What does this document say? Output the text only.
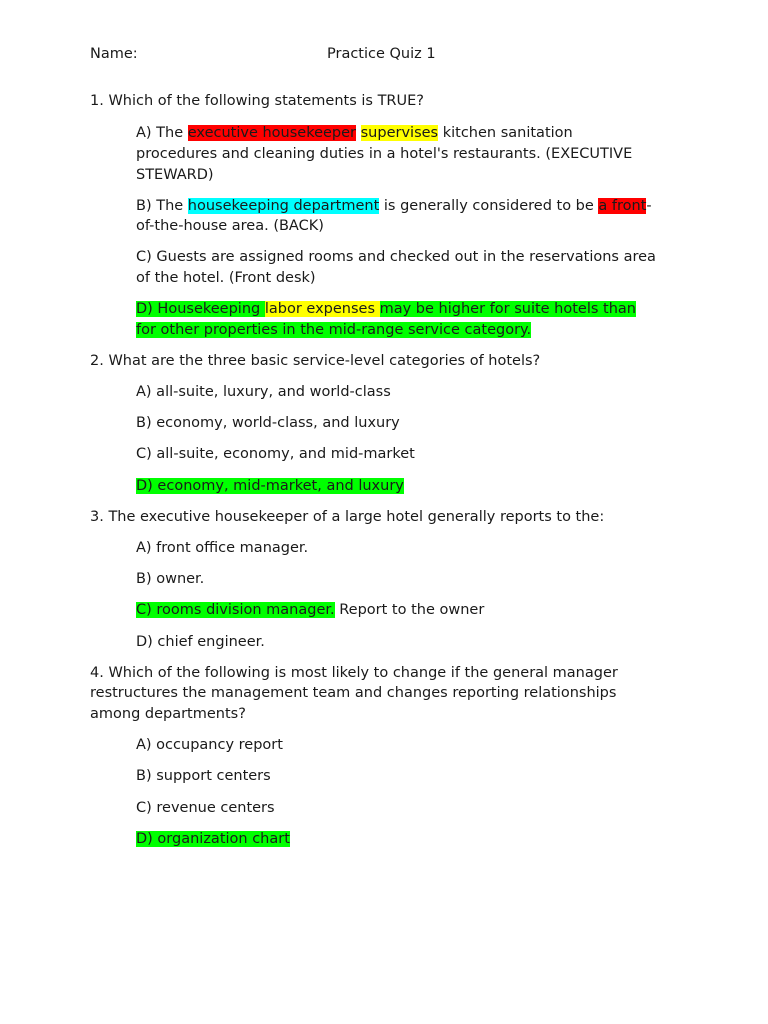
Name:	Practice Quiz 1
1. Which of the following statements is TRUE?
A) The executive housekeeper supervises kitchen sanitation
procedures and cleaning duties in a hotel's restaurants. (EXECUTIVE
STEWARD)
B) The housekeeping department is generally considered to be a front-
of-the-house area. (BACK)
C) Guests are assigned rooms and checked out in the reservations area
of the hotel. (Front desk)
D) Housekeeping labor expenses may be higher for suite hotels than
for other properties in the mid-range service category.
2. What are the three basic service-level categories of hotels?
A) all-suite, luxury, and world-class
B) economy, world-class, and luxury
C) all-suite, economy, and mid-market
D) economy, mid-market, and luxury
3. The executive housekeeper of a large hotel generally reports to the:
A) front office manager.
B) owner.
C) rooms division manager. Report to the owner
D) chief engineer.
4. Which of the following is most likely to change if the general manager
restructures the management team and changes reporting relationships
among departments?
A) occupancy report
B) support centers
C) revenue centers
D) organization chart
